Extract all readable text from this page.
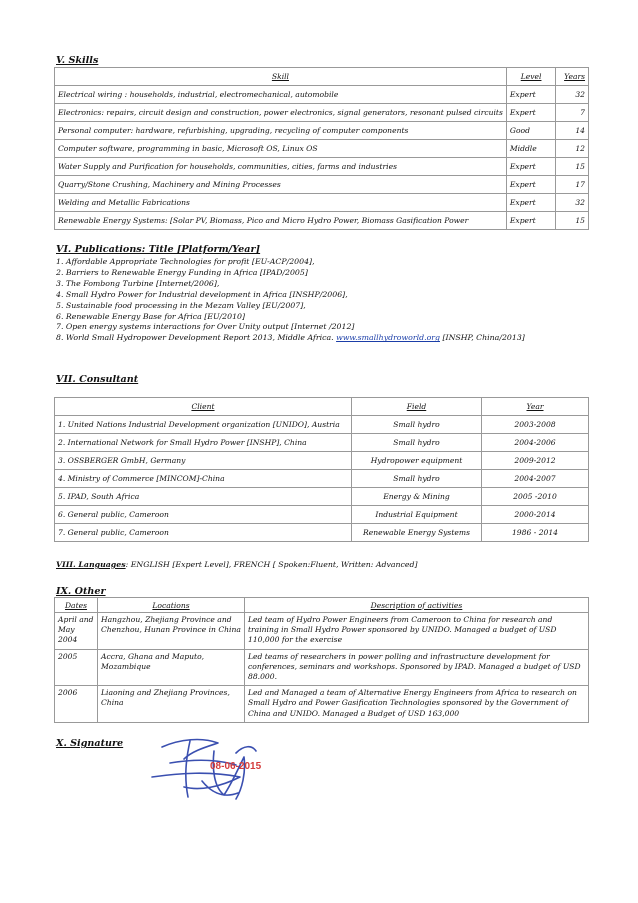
V. Skills
Skill	Level	Years
Electrical wiring : households, industrial, electromechanical, automobile	Expert	32
Electronics: repairs, circuit design and construction, power electronics, signal generators, resonant pulsed circuits	Expert	7
Personal computer: hardware, refurbishing, upgrading, recycling of computer components	Good	14
Computer software, programming in basic, Microsoft OS, Linux OS	Middle	12
Water Supply and Purification for households, communities, cities, farms and industries	Expert	15
Quarry/Stone Crushing, Machinery and Mining Processes	Expert	17
Welding and Metallic Fabrications	Expert	32
Renewable Energy Systems: [Solar PV, Biomass, Pico and Micro Hydro Power, Biomass Gasification Power	Expert	15
VI. Publications: Title [Platform/Year]
1. Affordable Appropriate Technologies for profit [EU-ACP/2004],
2. Barriers to Renewable Energy Funding in Africa [IPAD/2005]
3. The Fombong Turbine [Internet/2006],
4. Small Hydro Power for Industrial development in Africa [INSHP/2006],
5. Sustainable food processing in the Mezam Valley [EU/2007],
6. Renewable Energy Base for Africa [EU/2010]
7. Open energy systems interactions for Over Unity output [Internet /2012]
8. World Small Hydropower Development Report 2013, Middle Africa. www.smallhydroworld.org [INSHP, China/2013]
VII. Consultant
Client	Field	Year
1. United Nations Industrial Development organization [UNIDO], Austria	Small hydro	2003-2008
2. International Network for Small Hydro Power [INSHP], China	Small hydro	2004-2006
3. OSSBERGER GmbH, Germany	Hydropower equipment	2009-2012
4. Ministry of Commerce [MINCOM]-China	Small hydro	2004-2007
5. IPAD, South Africa	Energy & Mining	2005 -2010
6. General public, Cameroon	Industrial Equipment	2000-2014
7. General public, Cameroon	Renewable Energy Systems	1986 - 2014
VIII. Languages: ENGLISH [Expert Level], FRENCH [ Spoken:Fluent, Written: Advanced]
IX. Other
Dates	Locations	Description of activities
April and May 2004	Hangzhou, Zhejiang Province and Chenzhou, Hunan Province in China	Led team of Hydro Power Engineers from Cameroon to China for research and training in Small Hydro Power sponsored by UNIDO. Managed a budget of USD 110,000 for the exercise
2005	Accra, Ghana and Maputo, Mozambique	Led teams of researchers in power polling and infrastructure development for conferences, seminars and workshops. Sponsored by IPAD. Managed a budget of USD 88.000.
2006	Liaoning and Zhejiang Provinces, China	Led and Managed a team of Alternative Energy Engineers from Africa to research on Small Hydro and Power Gasification Technologies sponsored by the Government of China and UNIDO. Managed a Budget of USD 163,000
X. Signature
08-06-2015
